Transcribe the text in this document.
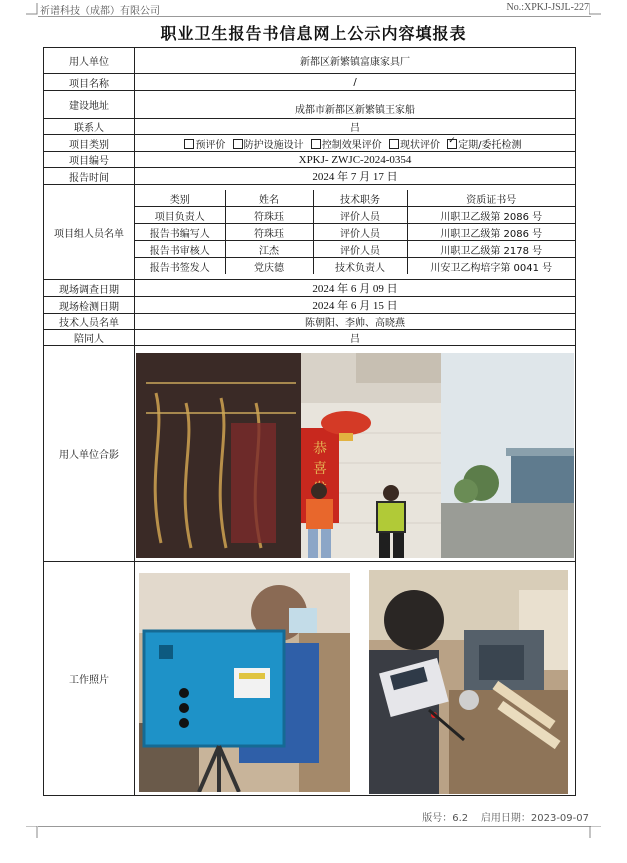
祈谱科技（成都）有限公司	No.:XPKJ-JSJL-227
职业卫生报告书信息网上公示内容填报表
用人单位	新都区新繁镇富康家具厂
项目名称	/
建设地址	成都市新都区新繁镇王家船
联系人	吕
项目类别	预评价 防护设施设计 控制效果评价 现状评价 ✓ 定期/委托检测
项目编号	XPKJ- ZWJC-2024-0354
报告时间	2024 年 7 月 17 日
项目组人员名单	
类别	姓名	技术职务	资质证书号
项目负责人	符珠珏	评价人员	川职卫乙级第 2086 号
报告书编写人	符珠珏	评价人员	川职卫乙级第 2086 号
报告书审核人	江杰	评价人员	川职卫乙级第 2178 号
报告书签发人	党庆德	技术负责人	川安卫乙构培字第 0041 号

现场调查日期	2024 年 6 月 09 日
现场检测日期	2024 年 6 月 15 日
技术人员名单	陈朝阳、李帅、高晓燕
陪同人	吕
用人单位合影	
工作照片	
恭
喜
版号：6.2 启用日期：2023-09-07
